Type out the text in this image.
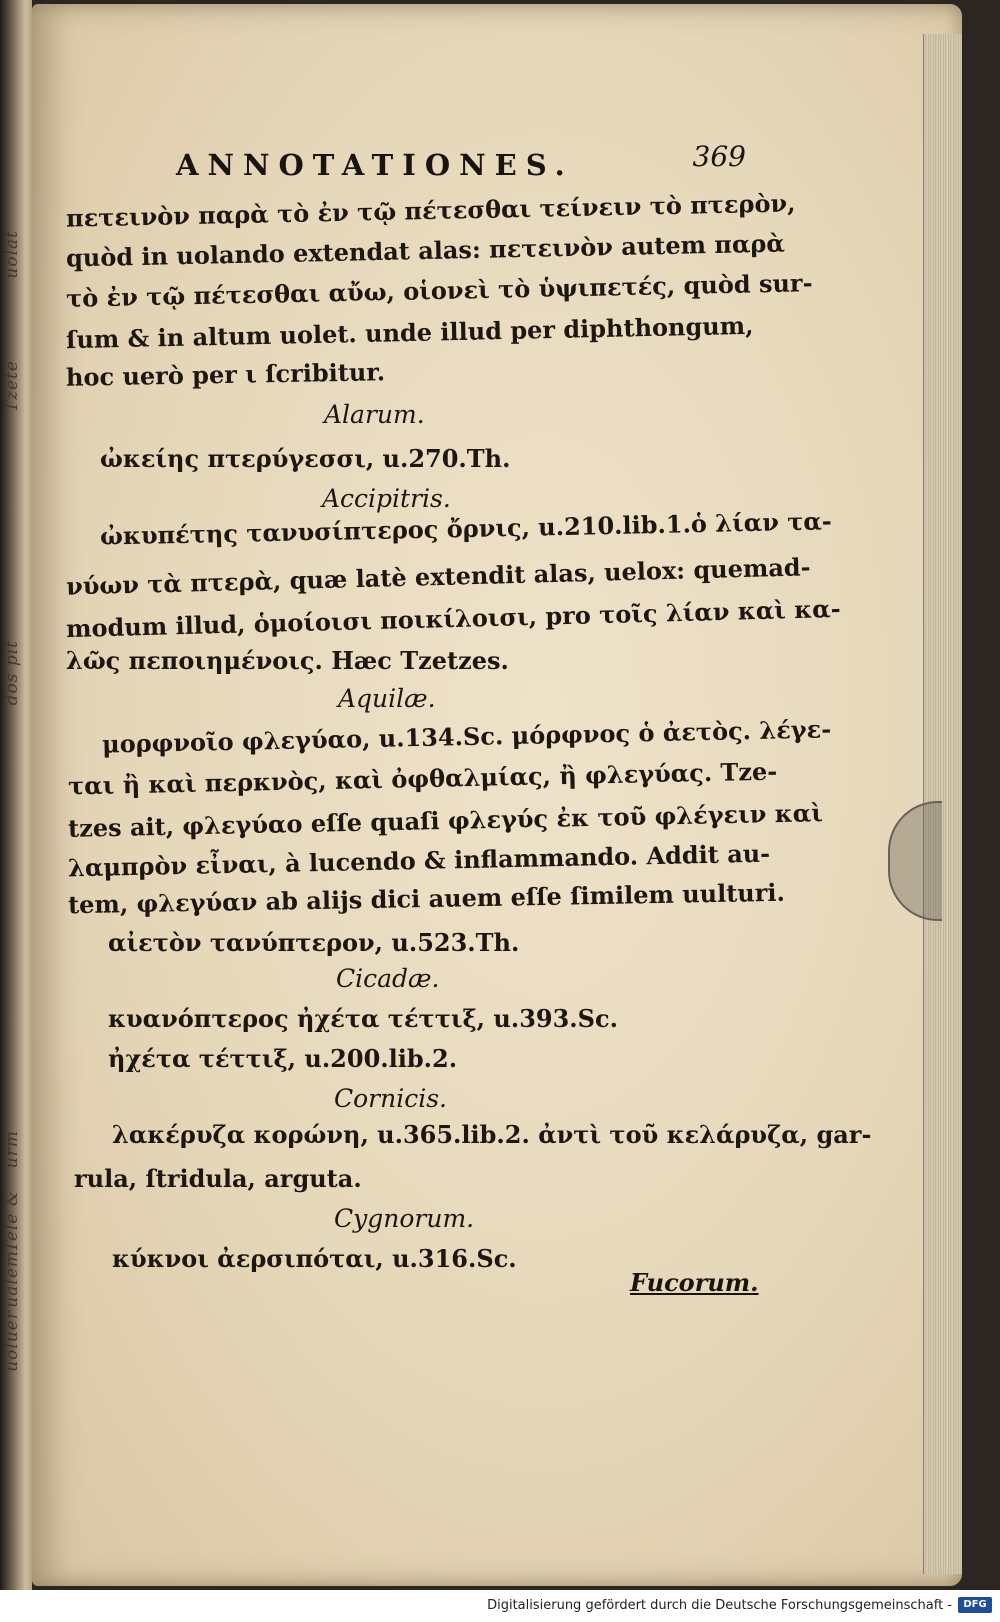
uolat
Tzete
dos pit
urm
Tele &
ualem
uoluer
ANNOTATIONES.	369
πετεινὸν παρὰ τὸ ἐν τῷ πέτεσθαι τείνειν τὸ πτερὸν,
quòd in uolando extendat alas: πετεινὸν autem παρὰ
τὸ ἐν τῷ πέτεσθαι αὔω, οἱονεὶ τὸ ὑψιπετές, quòd sur-
ſum & in altum uolet. unde illud per diphthongum,
hoc uerò per ι ſcribitur.
Alarum.
ὠκείης πτερύγεσσι, u.270.Th.
Accipitris.
ὠκυπέτης τανυσίπτερος ὄρνις, u.210.lib.1.ὁ λίαν τα-
νύων τὰ πτερὰ, quæ latè extendit alas, uelox: quemad-
modum illud, ὁμοίοισι ποικίλοισι, pro τοῖς λίαν καὶ κα-
λῶς πεποιημένοις. Hæc Tzetzes.
Aquilæ.
μορφνοῖο φλεγύαο, u.134.Sc. μόρφνος ὁ ἀετὸς. λέγε-
ται ἢ καὶ περκνὸς, καὶ ὀφθαλμίας, ἢ φλεγύας. Tze-
tzes ait, φλεγύαο eſſe quaſi φλεγύς ἐκ τοῦ φλέγειν καὶ
λαμπρὸν εἶναι, à lucendo & inflammando. Addit au-
tem, φλεγύαν ab alijs dici auem eſſe ſimilem uulturi.
αἰετὸν τανύπτερον, u.523.Th.
Cicadæ.
κυανόπτερος ἠχέτα τέττιξ, u.393.Sc.
ἠχέτα τέττιξ, u.200.lib.2.
Cornicis.
λακέρυζα κορώνη, u.365.lib.2. ἀντὶ τοῦ κελάρυζα, gar-
rula, ſtridula, arguta.
Cygnorum.
κύκνοι ἀερσιπόται, u.316.Sc.
Fucorum.
Digitalisierung gefördert durch die Deutsche Forschungsgemeinschaft -	DFG
